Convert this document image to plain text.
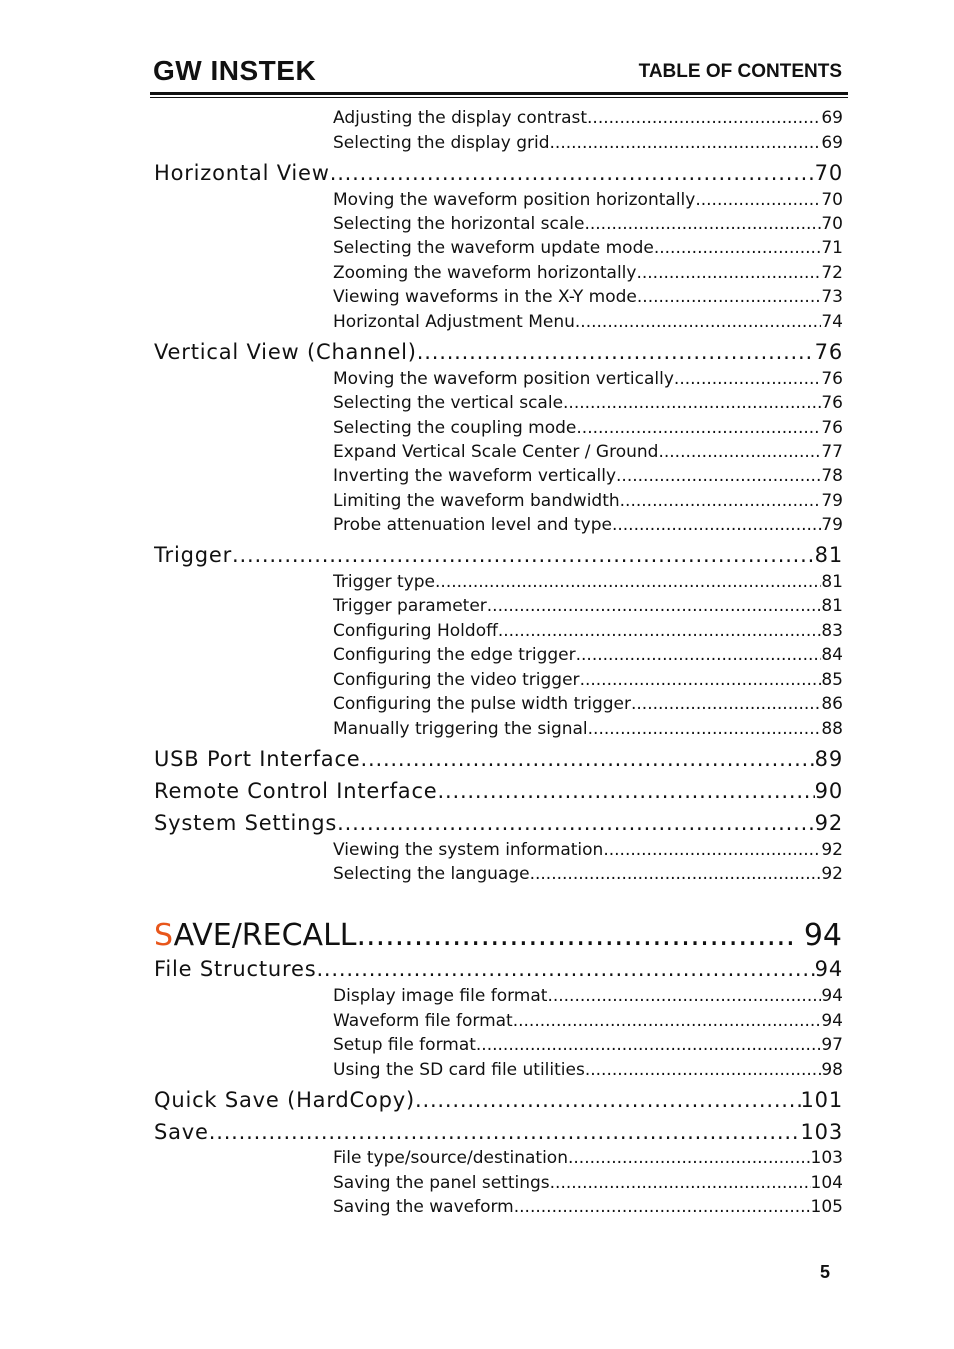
GW INSTEK	TABLE OF CONTENTS
Adjusting the display contrast .....	69
Selecting the display grid .....	69
Horizontal View .....	70
Moving the waveform position horizontally .....	70
Selecting the horizontal scale .....	70
Selecting the waveform update mode .....	71
Zooming the waveform horizontally .....	72
Viewing waveforms in the X-Y mode .....	73
Horizontal Adjustment Menu .....	74
Vertical View (Channel) .....	76
Moving the waveform position vertically .....	76
Selecting the vertical scale .....	76
Selecting the coupling mode .....	76
Expand Vertical Scale Center / Ground .....	77
Inverting the waveform vertically .....	78
Limiting the waveform bandwidth .....	79
Probe attenuation level and type .....	79
Trigger .....	81
Trigger type .....	81
Trigger parameter .....	81
Configuring Holdoff .....	83
Configuring the edge trigger .....	84
Configuring the video trigger .....	85
Configuring the pulse width trigger .....	86
Manually triggering the signal .....	88
USB Port Interface .....	89
Remote Control Interface .....	90
System Settings .....	92
Viewing the system information .....	92
Selecting the language .....	92
SAVE/RECALL .....	94
File Structures .....	94
Display image file format .....	94
Waveform file format .....	94
Setup file format .....	97
Using the SD card file utilities .....	98
Quick Save (HardCopy) .....	101
Save .....	103
File type/source/destination .....	103
Saving the panel settings .....	104
Saving the waveform .....	105
5
